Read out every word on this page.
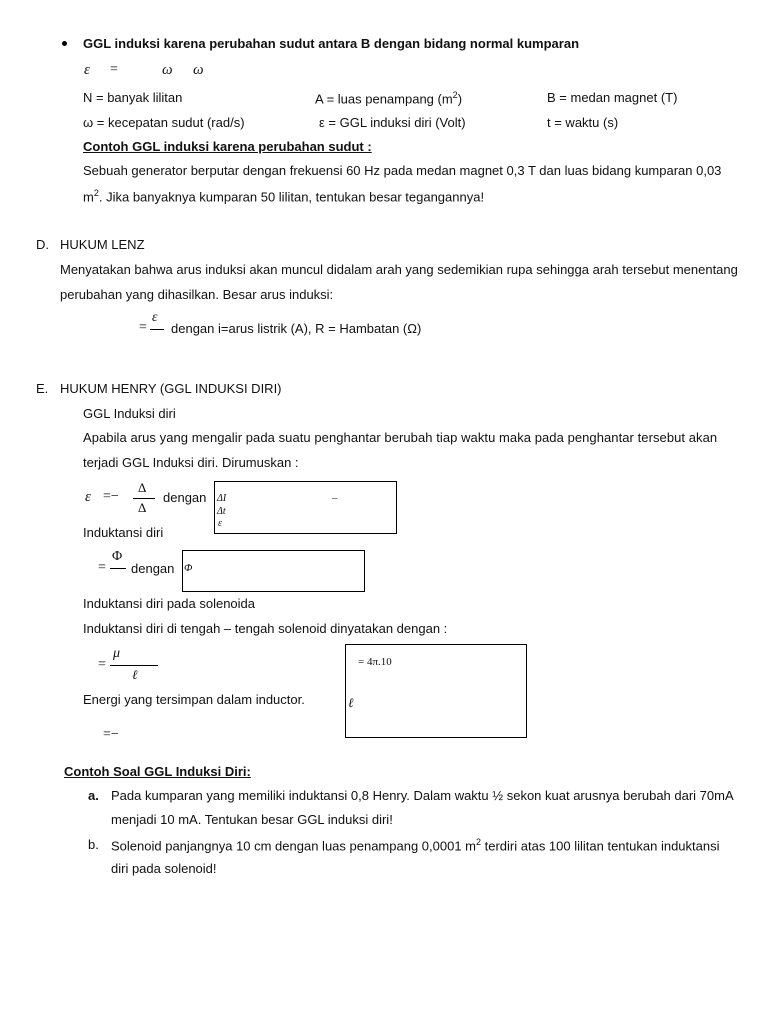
GGL induksi karena perubahan sudut antara B dengan bidang normal kumparan
ε =	ω ω
N = banyak lilitan	A = luas penampang $(m^2)$	B = medan magnet (T)
ω = kecepatan sudut (rad/s)	ε = GGL induksi diri (Volt)	t = waktu (s)
Contoh GGL induksi karena perubahan sudut :
Sebuah generator berputar dengan frekuensi 60 Hz pada medan magnet 0,3 T dan luas bidang kumparan 0,03
$m^2$. Jika banyaknya kumparan 50 lilitan, tentukan besar tegangannya!
D. HUKUM LENZ
Menyatakan bahwa arus induksi akan muncul didalam arah yang sedemikian rupa sehingga arah tersebut menentang
perubahan yang dihasilkan. Besar arus induksi:
=
ε
dengan i=arus listrik (A), R = Hambatan (Ω)
E. HUKUM HENRY (GGL INDUKSI DIRI)
GGL Induksi diri
Apabila arus yang mengalir pada suatu penghantar berubah tiap waktu maka pada penghantar tersebut akan
terjadi GGL Induksi diri. Dirumuskan :
ε =−
Δ
Δ
dengan ΔI
Δt
ε
–
Induktansi diri
=
Φ
dengan Φ
Induktansi diri pada solenoida
Induktansi diri di tengah – tengah solenoid dinyatakan dengan :
=
μ
ℓ
= 4π.10
ℓ
Energi yang tersimpan dalam inductor.
=−
Contoh Soal GGL Induksi Diri:
a. Pada kumparan yang memiliki induktansi 0,8 Henry. Dalam waktu ½ sekon kuat arusnya berubah dari 70mA
menjadi 10 mA. Tentukan besar GGL induksi diri!
b. Solenoid panjangnya 10 cm dengan luas penampang 0,0001 $m^2$ terdiri atas 100 lilitan tentukan induktansi
diri pada solenoid!
